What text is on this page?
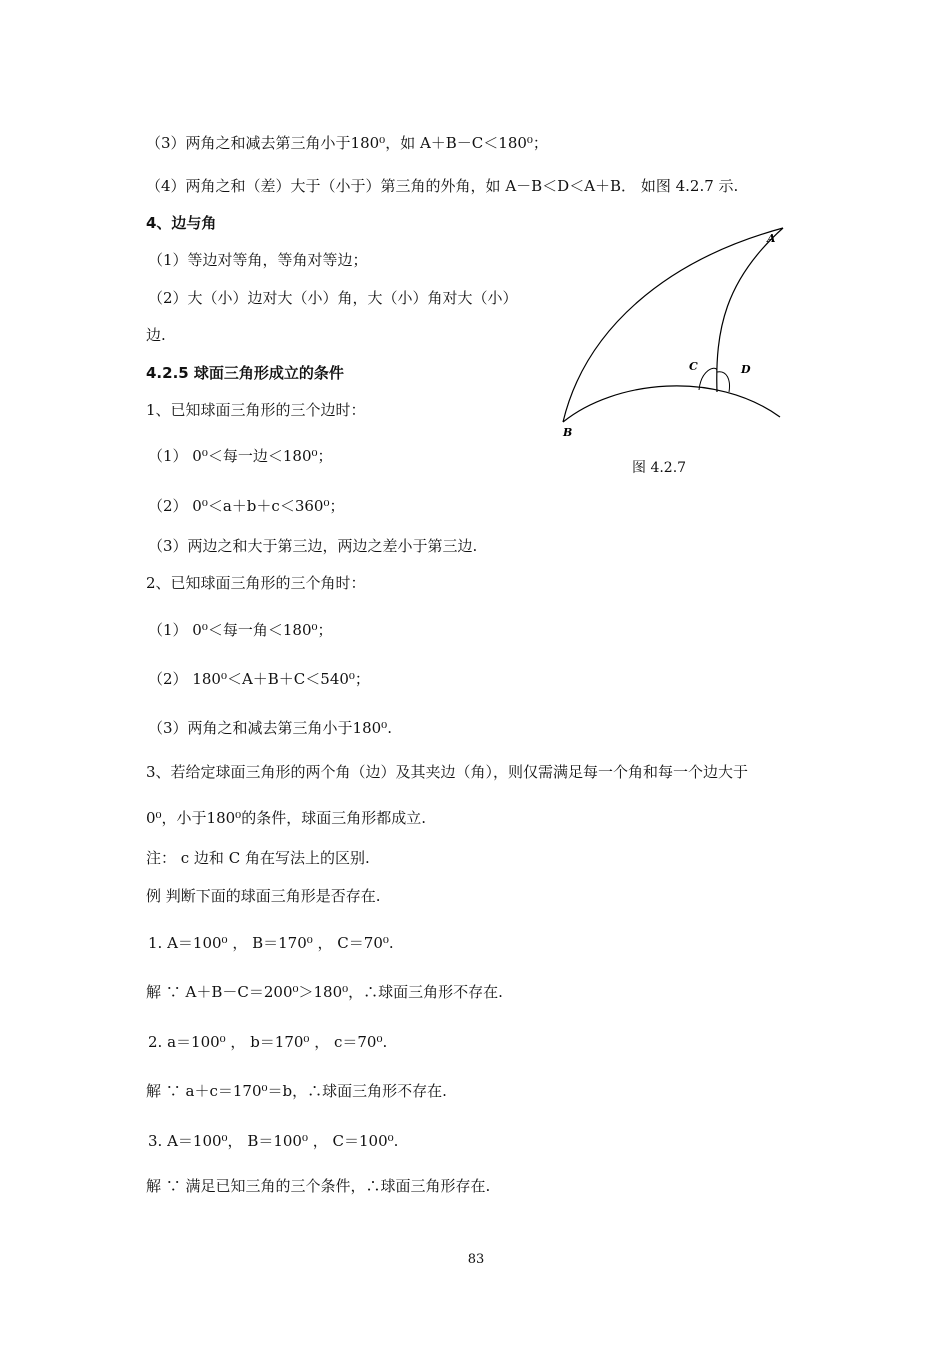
（3）两角之和减去第三角小于180⁰，如 A＋B－C＜180⁰；
（4）两角之和（差）大于（小于）第三角的外角，如 A－B＜D＜A＋B． 如图 4.2.7 示.
4、边与角
（1）等边对等角，等角对等边；
（2）大（小）边对大（小）角，大（小）角对大（小）
边.
4.2.5 球面三角形成立的条件
1、已知球面三角形的三个边时：
（1） 0⁰＜每一边＜180⁰；
（2） 0⁰＜a＋b＋c＜360⁰；
（3）两边之和大于第三边，两边之差小于第三边.
2、已知球面三角形的三个角时：
（1） 0⁰＜每一角＜180⁰；
（2） 180⁰＜A＋B＋C＜540⁰；
（3）两角之和减去第三角小于180⁰.
3、若给定球面三角形的两个角（边）及其夹边（角），则仅需满足每一个角和每一个边大于
0⁰，小于180⁰的条件，球面三角形都成立.
注： c 边和 C 角在写法上的区别.
例 判断下面的球面三角形是否存在.
1. A＝100⁰ ， B＝170⁰ ， C＝70⁰.
解 ∵ A＋B－C＝200⁰＞180⁰，∴球面三角形不存在.
2. a＝100⁰ ， b＝170⁰ ， c＝70⁰.
解 ∵ a＋c＝170⁰＝b，∴球面三角形不存在.
3. A＝100⁰， B＝100⁰ ， C＝100⁰.
解 ∵ 满足已知三角的三个条件，∴球面三角形存在.
A
B
C	D
图 4.2.7
83
